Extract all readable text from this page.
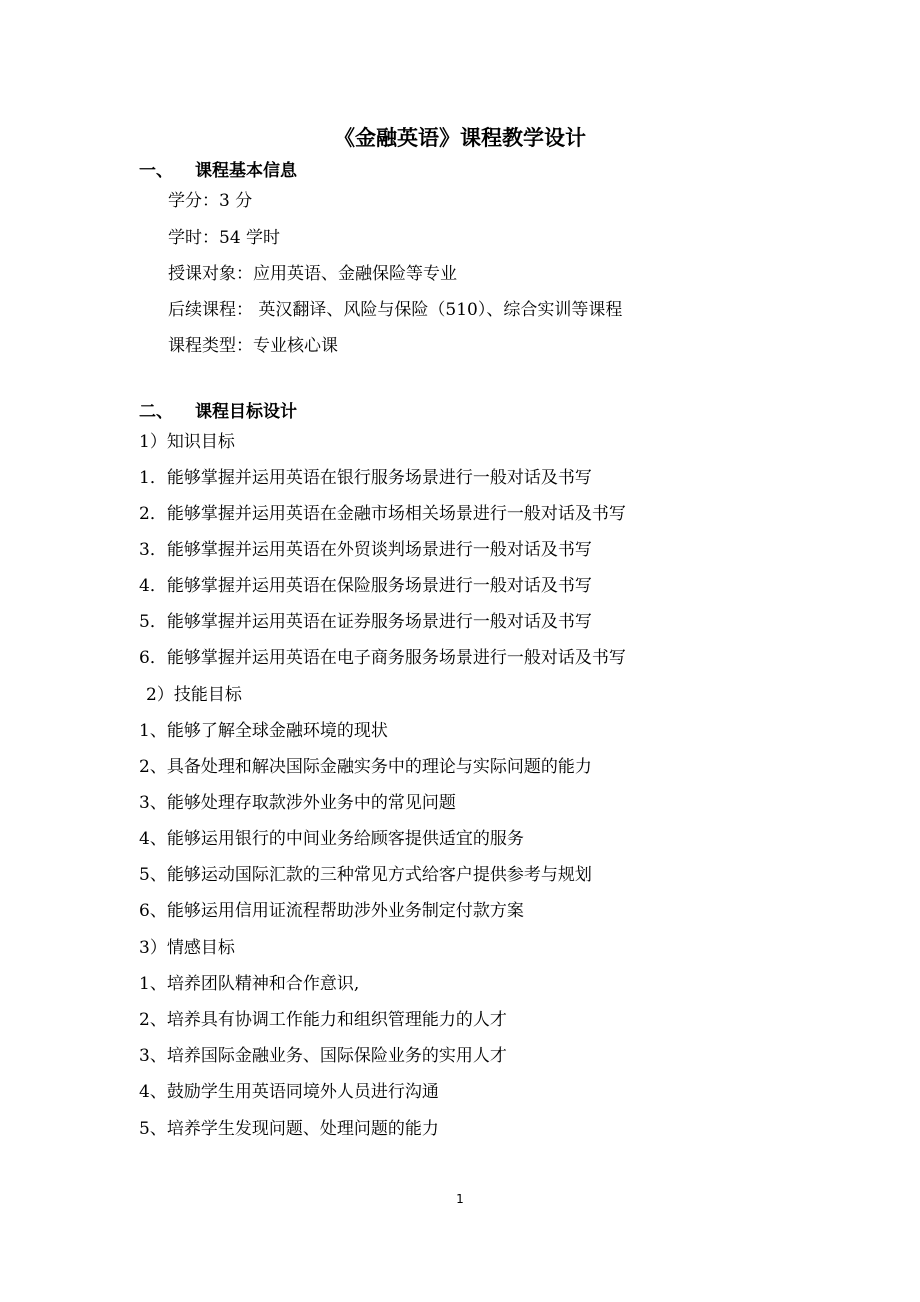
《金融英语》课程教学设计
一、 课程基本信息
学分：3 分
学时：54 学时
授课对象：应用英语、金融保险等专业
后续课程： 英汉翻译、风险与保险（510）、综合实训等课程
课程类型：专业核心课
二、 课程目标设计
1）知识目标
1．能够掌握并运用英语在银行服务场景进行一般对话及书写
2．能够掌握并运用英语在金融市场相关场景进行一般对话及书写
3．能够掌握并运用英语在外贸谈判场景进行一般对话及书写
4．能够掌握并运用英语在保险服务场景进行一般对话及书写
5．能够掌握并运用英语在证券服务场景进行一般对话及书写
6．能够掌握并运用英语在电子商务服务场景进行一般对话及书写
2）技能目标
1、能够了解全球金融环境的现状
2、具备处理和解决国际金融实务中的理论与实际问题的能力
3、能够处理存取款涉外业务中的常见问题
4、能够运用银行的中间业务给顾客提供适宜的服务
5、能够运动国际汇款的三种常见方式给客户提供参考与规划
6、能够运用信用证流程帮助涉外业务制定付款方案
3）情感目标
1、培养团队精神和合作意识,
2、培养具有协调工作能力和组织管理能力的人才
3、培养国际金融业务、国际保险业务的实用人才
4、鼓励学生用英语同境外人员进行沟通
5、培养学生发现问题、处理问题的能力
1
